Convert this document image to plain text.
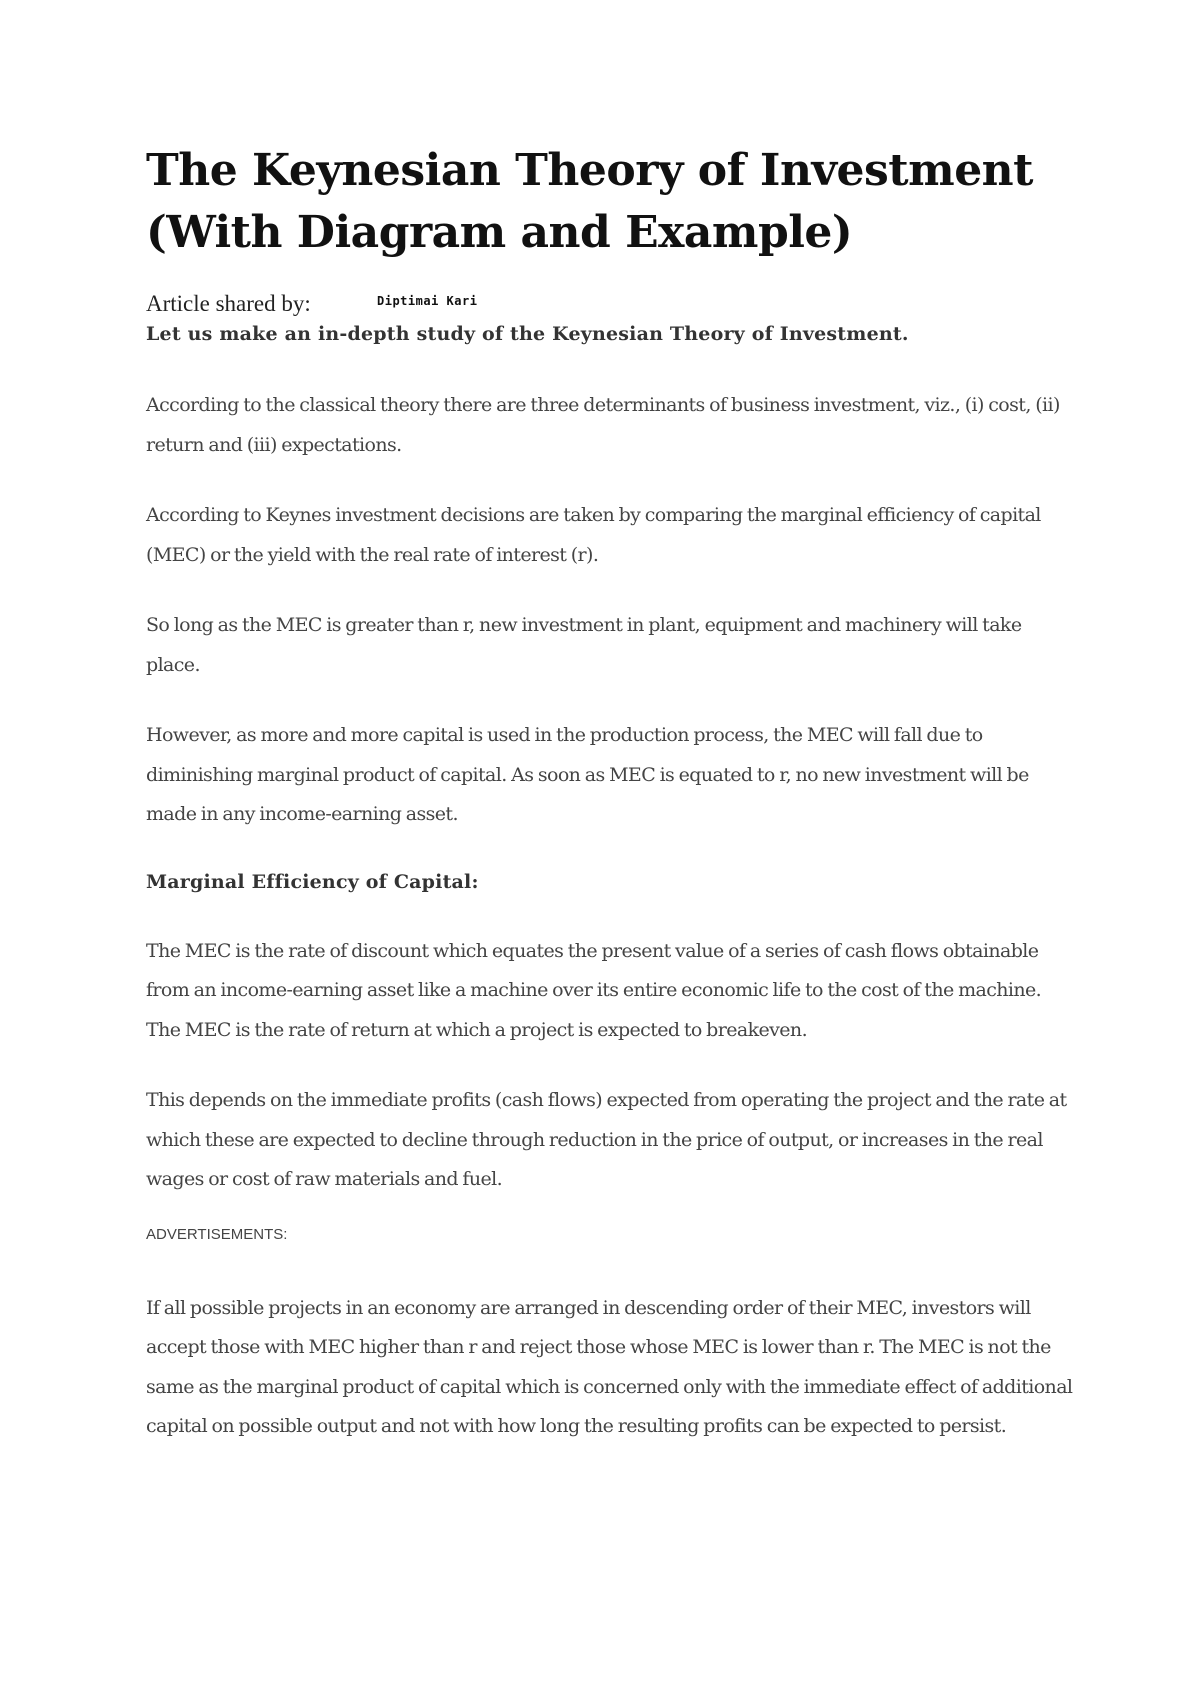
The Keynesian Theory of Investment
(With Diagram and Example)
Article shared by:	Diptimai Kari

Let us make an in-depth study of the Keynesian Theory of Investment.

According to the classical theory there are three determinants of business investment, viz., (i) cost, (ii) return and (iii) expectations.

According to Keynes investment decisions are taken by comparing the marginal efficiency of capital (MEC) or the yield with the real rate of interest (r).

So long as the MEC is greater than r, new investment in plant, equipment and machinery will take place.

However, as more and more capital is used in the production process, the MEC will fall due to diminishing marginal product of capital. As soon as MEC is equated to r, no new investment will be made in any income-earning asset.

Marginal Efficiency of Capital:

The MEC is the rate of discount which equates the present value of a series of cash flows obtainable from an income-earning asset like a machine over its entire economic life to the cost of the machine. The MEC is the rate of return at which a project is expected to breakeven.

This depends on the immediate profits (cash flows) expected from operating the project and the rate at which these are expected to decline through reduction in the price of output, or increases in the real wages or cost of raw materials and fuel.

ADVERTISEMENTS:

If all possible projects in an economy are arranged in descending order of their MEC, investors will accept those with MEC higher than r and reject those whose MEC is lower than r. The MEC is not the same as the marginal product of capital which is concerned only with the immediate effect of additional capital on possible output and not with how long the resulting profits can be expected to persist.
